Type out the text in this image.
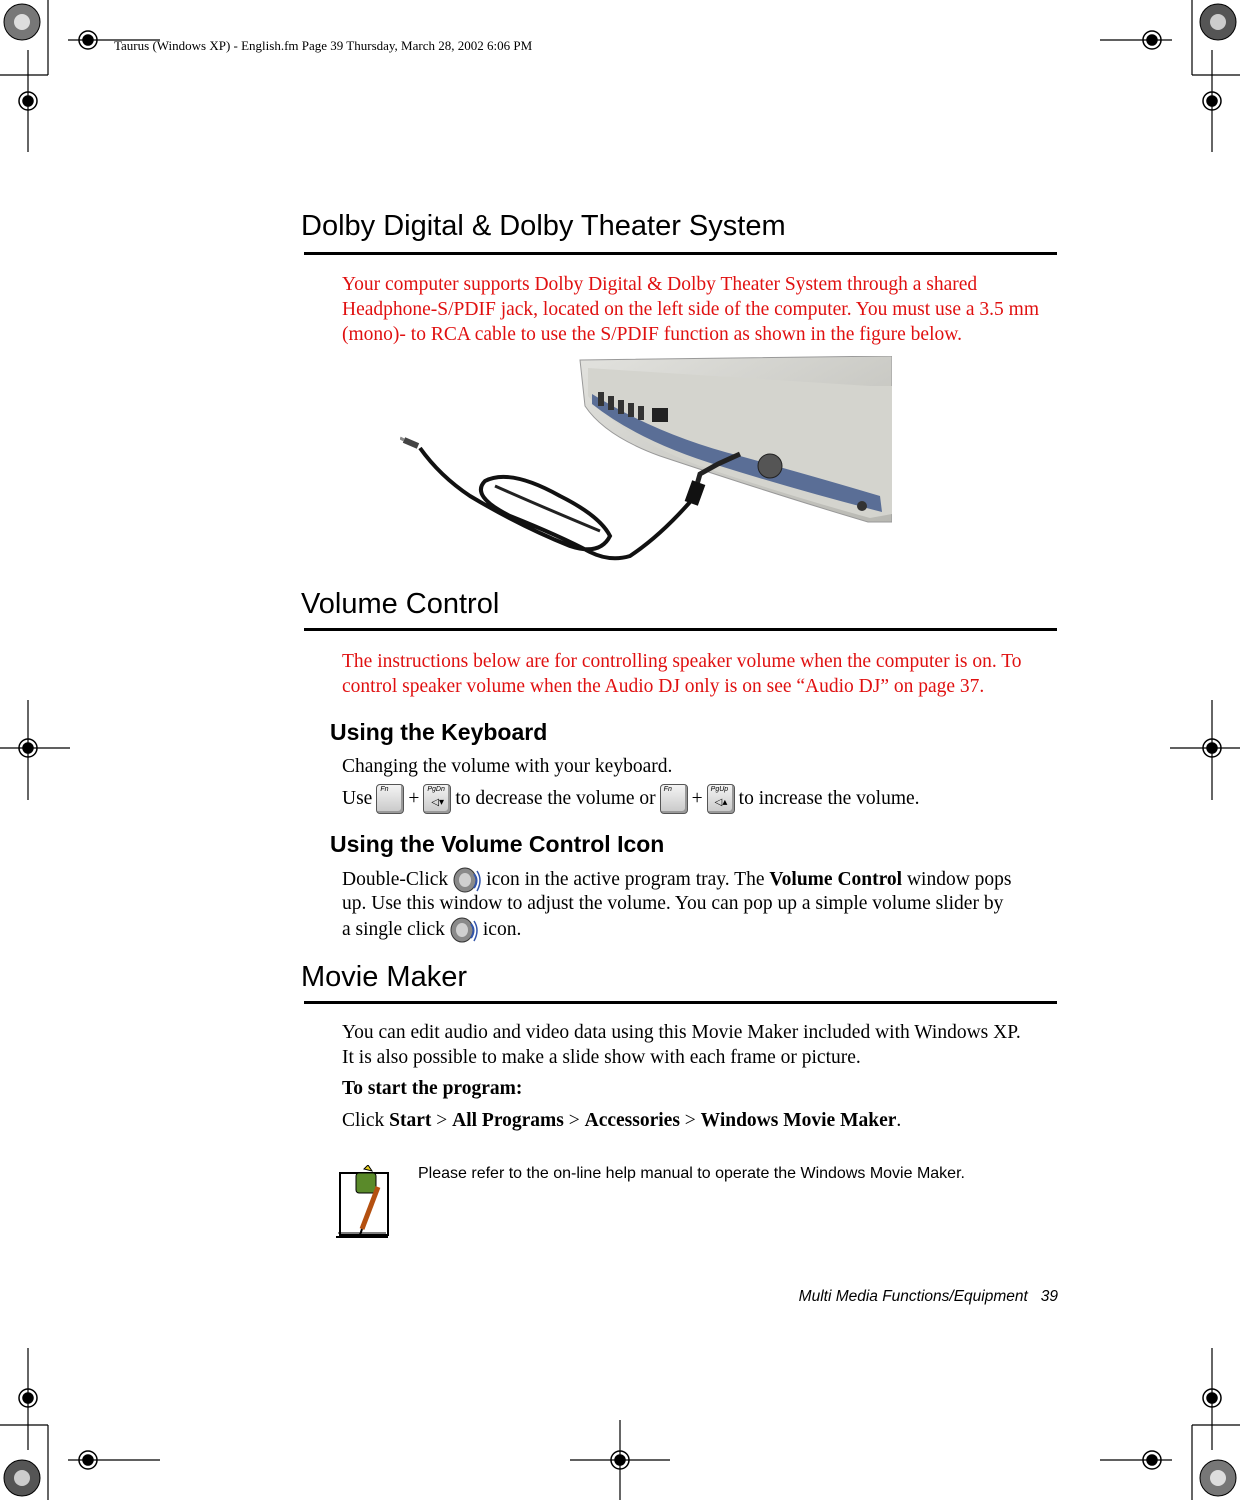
Taurus (Windows XP) - English.fm Page 39 Thursday, March 28, 2002 6:06 PM
Dolby Digital & Dolby Theater System
Your computer supports Dolby Digital & Dolby Theater System through a shared Headphone-S/PDIF jack, located on the left side of the computer. You must use a 3.5 mm (mono)- to RCA cable to use the S/PDIF function as shown in the figure below.
Volume Control
The instructions below are for controlling speaker volume when the computer is on. To control speaker volume when the Audio DJ only is on see “Audio DJ” on page 37.
Using the Keyboard
Changing the volume with your keyboard.
Use Fn + PgDn
◁▾ to decrease the volume or Fn + PgUp
◁▴ to increase the volume.
Using the Volume Control Icon
Double-Click icon in the active program tray. The
Volume Control
window pops
up. Use this window to adjust the volume. You can pop up a simple volume slider by
a single click icon.
Movie Maker
You can edit audio and video data using this Movie Maker included with Windows XP.
It is also possible to make a slide show with each frame or picture.
To start the program:
Click
Start
>
All Programs
>
Accessories
>
Windows Movie Maker .
Please refer to the on-line help manual to operate the Windows Movie Maker.
Multi Media Functions/Equipment 39
